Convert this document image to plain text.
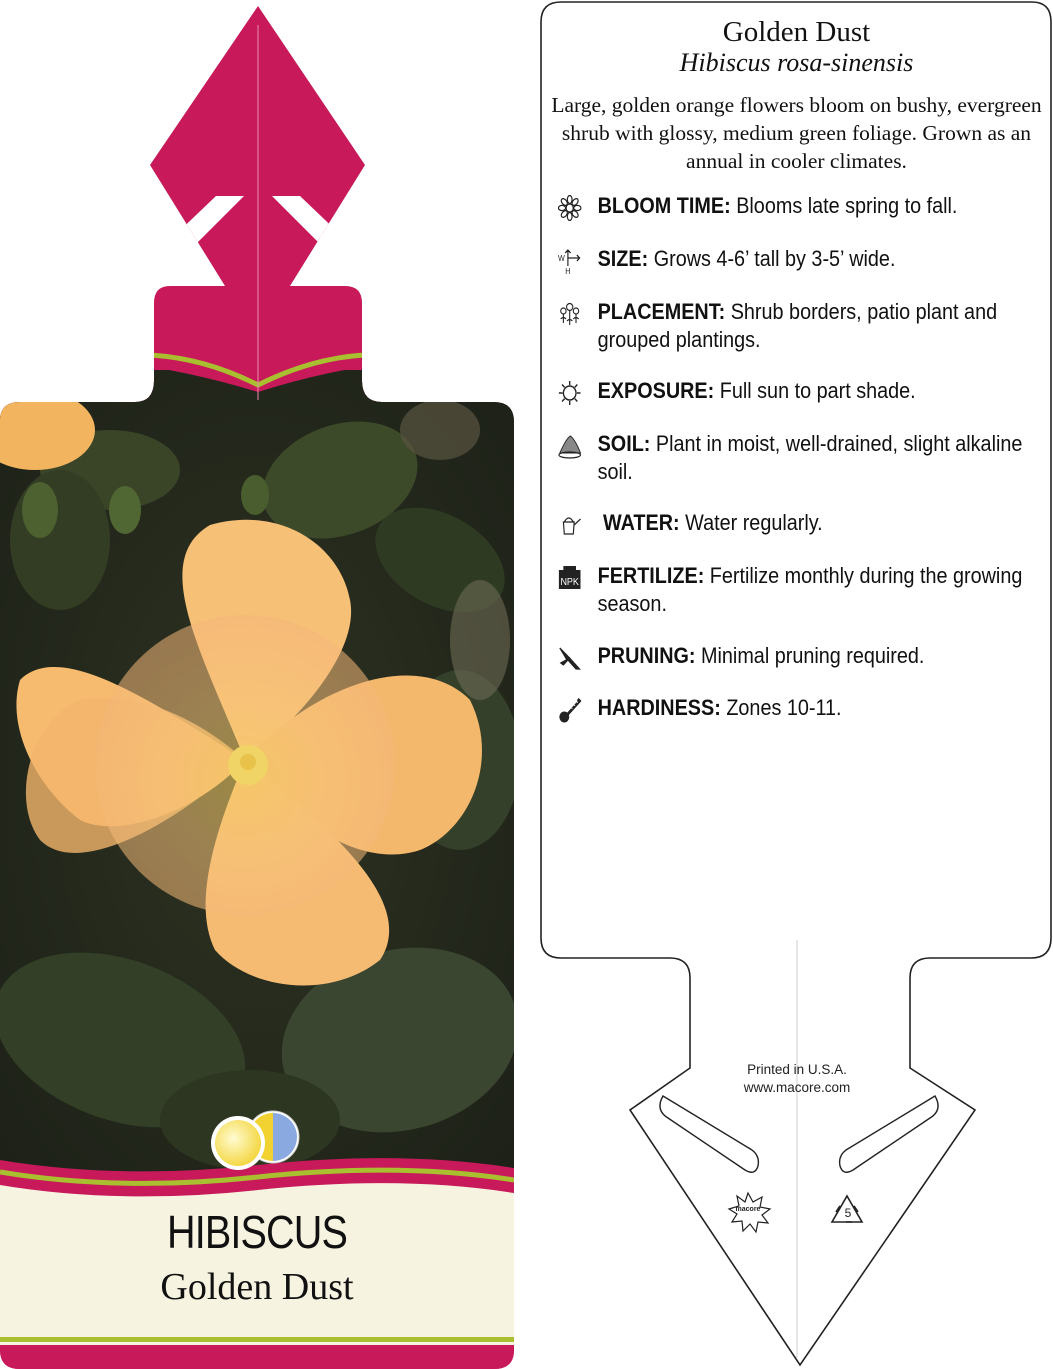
HIBISCUS
Golden Dust
Golden Dust
Hibiscus rosa-sinensis
Large, golden orange flowers bloom on bushy, evergreen shrub with glossy, medium green foliage. Grown as an annual in cooler climates.
BLOOM TIME: Blooms late spring to fall.
W
H
SIZE: Grows 4-6’ tall by 3-5’ wide.
PLACEMENT: Shrub borders, patio plant and grouped plantings.
EXPOSURE: Full sun to part shade.
SOIL: Plant in moist, well-drained, slight alkaline soil.
WATER: Water regularly.
NPK FERTILIZE: Fertilize monthly during the growing season.
PRUNING: Minimal pruning required.
HARDINESS: Zones 10-11.
Printed in U.S.A.
www.macore.com
macore	5
